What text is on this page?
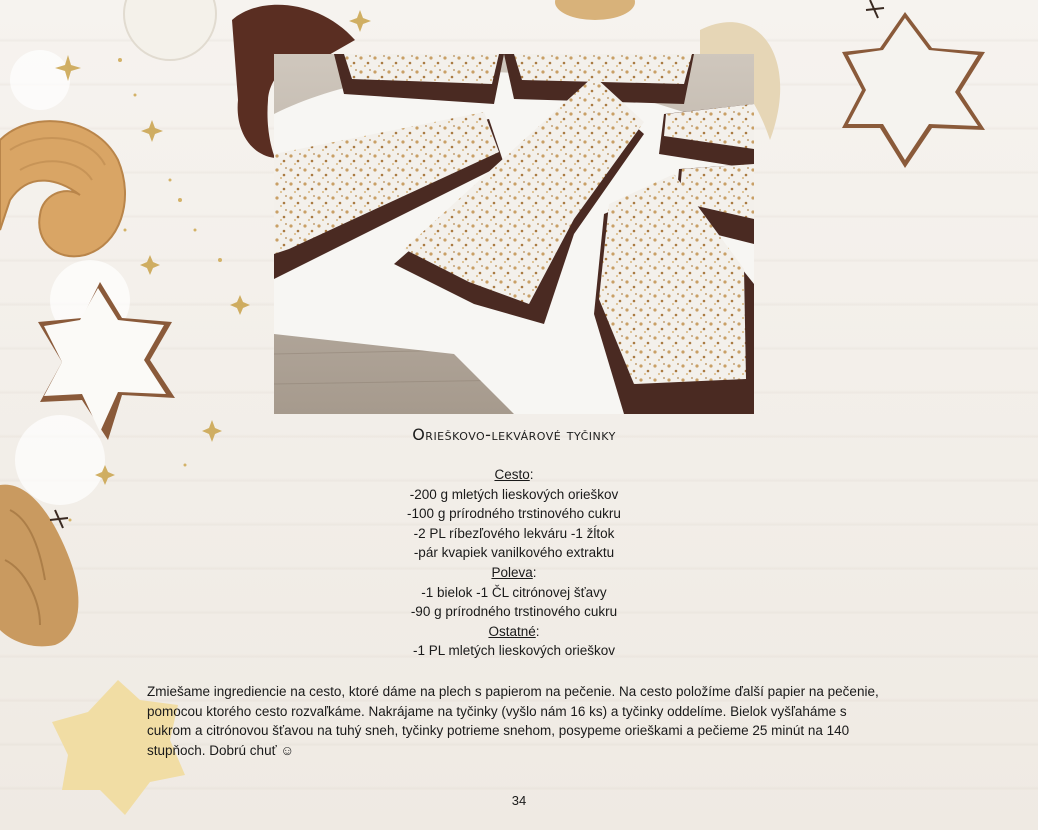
Orieškovo-lekvárové tyčinky
Cesto:
-200 g mletých lieskových orieškov
-100 g prírodného trstinového cukru
-2 PL ríbezľového lekváru -1 žĺtok
-pár kvapiek vanilkového extraktu
Poleva:
-1 bielok -1 ČL citrónovej šťavy
-90 g prírodného trstinového cukru
Ostatné:
-1 PL mletých lieskových orieškov
Zmiešame ingrediencie na cesto, ktoré dáme na plech s papierom na pečenie. Na cesto položíme ďalší papier na pečenie, pomocou ktorého cesto rozvaľkáme. Nakrájame na tyčinky (vyšlo nám 16 ks) a tyčinky oddelíme. Bielok vyšľaháme s cukrom a citrónovou šťavou na tuhý sneh, tyčinky potrieme snehom, posypeme orieškami a pečieme 25 minút na 140 stupňoch. Dobrú chuť ☺
34
